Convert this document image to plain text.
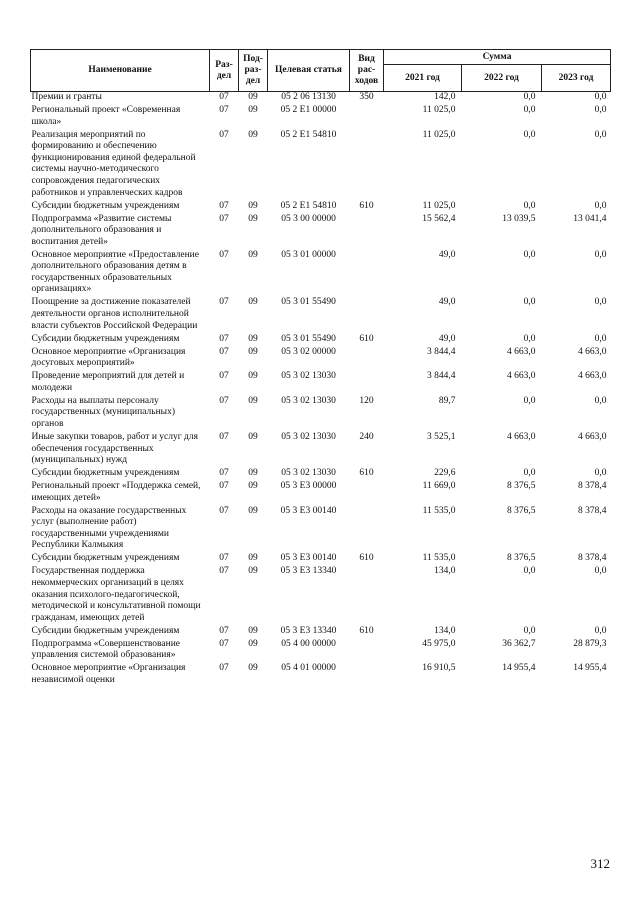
Наименование	Раз-дел	Под-раз-дел	Целевая статья	Вид рас-ходов	Сумма		
					2021 год	2022 год	2023 год
Премии и гранты	07	09	05 2 06 13130	350	142,0	0,0	0,0
Региональный проект «Современная школа»	07	09	05 2 E1 00000		11 025,0	0,0	0,0
Реализация мероприятий по формированию и обеспечению функционирования единой федеральной системы научно-методического сопровождения педагогических работников и управленческих кадров	07	09	05 2 E1 54810		11 025,0	0,0	0,0
Субсидии бюджетным учреждениям	07	09	05 2 E1 54810	610	11 025,0	0,0	0,0
Подпрограмма «Развитие системы дополнительного образования и воспитания детей»	07	09	05 3 00 00000		15 562,4	13 039,5	13 041,4
Основное мероприятие «Предоставление дополнительного образования детям в государственных образовательных организациях»	07	09	05 3 01 00000		49,0	0,0	0,0
Поощрение за достижение показателей деятельности органов исполнительной власти субъектов Российской Федерации	07	09	05 3 01 55490		49,0	0,0	0,0
Субсидии бюджетным учреждениям	07	09	05 3 01 55490	610	49,0	0,0	0,0
Основное мероприятие «Организация досуговых мероприятий»	07	09	05 3 02 00000		3 844,4	4 663,0	4 663,0
Проведение мероприятий для детей и молодежи	07	09	05 3 02 13030		3 844,4	4 663,0	4 663,0
Расходы на выплаты персоналу государственных (муниципальных) органов	07	09	05 3 02 13030	120	89,7	0,0	0,0
Иные закупки товаров, работ и услуг для обеспечения государственных (муниципальных) нужд	07	09	05 3 02 13030	240	3 525,1	4 663,0	4 663,0
Субсидии бюджетным учреждениям	07	09	05 3 02 13030	610	229,6	0,0	0,0
Региональный проект «Поддержка семей, имеющих детей»	07	09	05 3 E3 00000		11 669,0	8 376,5	8 378,4
Расходы на оказание государственных услуг (выполнение работ) государственными учреждениями Республики Калмыкия	07	09	05 3 E3 00140		11 535,0	8 376,5	8 378,4
Субсидии бюджетным учреждениям	07	09	05 3 E3 00140	610	11 535,0	8 376,5	8 378,4
Государственная поддержка некоммерческих организаций в целях оказания психолого-педагогической, методической и консультативной помощи гражданам, имеющих детей	07	09	05 3 E3 13340		134,0	0,0	0,0
Субсидии бюджетным учреждениям	07	09	05 3 E3 13340	610	134,0	0,0	0,0
Подпрограмма «Совершенствование управления системой образования»	07	09	05 4 00 00000		45 975,0	36 362,7	28 879,3
Основное мероприятие «Организация независимой оценки	07	09	05 4 01 00000		16 910,5	14 955,4	14 955,4
312
